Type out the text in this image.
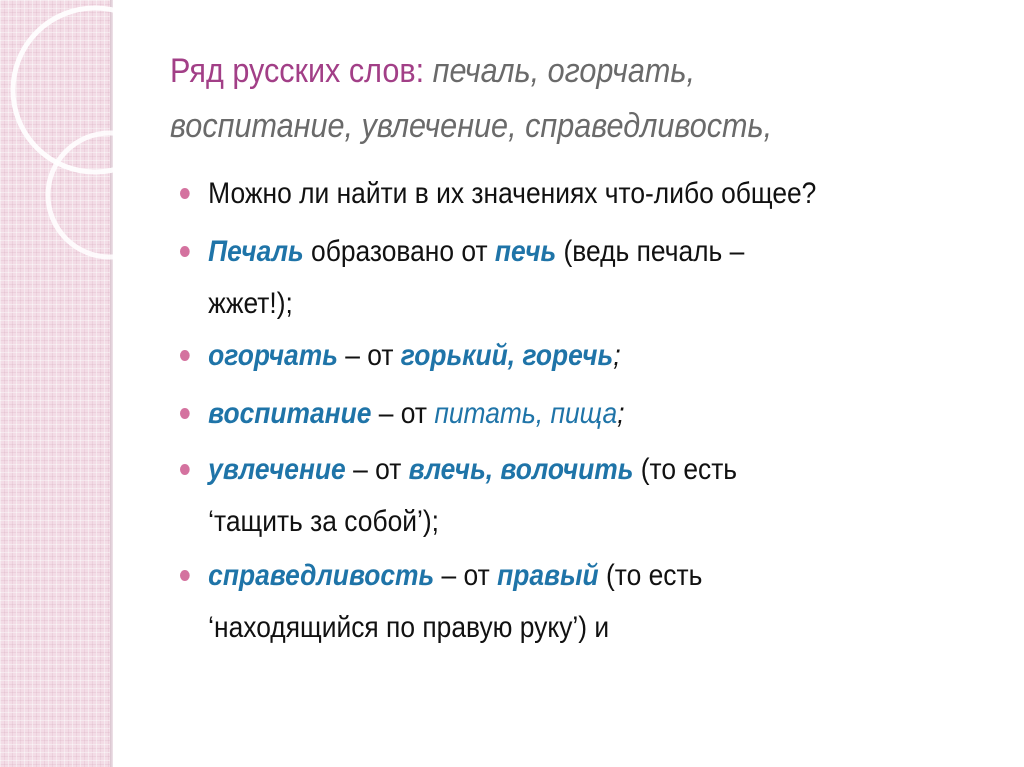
Ряд русских слов: печаль, огорчать,
воспитание, увлечение, справедливость,
Можно ли найти в их значениях что-либо общее?
Печаль образовано от печь (ведь печаль –
жжет!);
огорчать – от горький, горечь;
воспитание – от питать, пища;
увлечение – от влечь, волочить (то есть
‘тащить за собой’);
справедливость – от правый (то есть
‘находящийся по правую руку’) и
